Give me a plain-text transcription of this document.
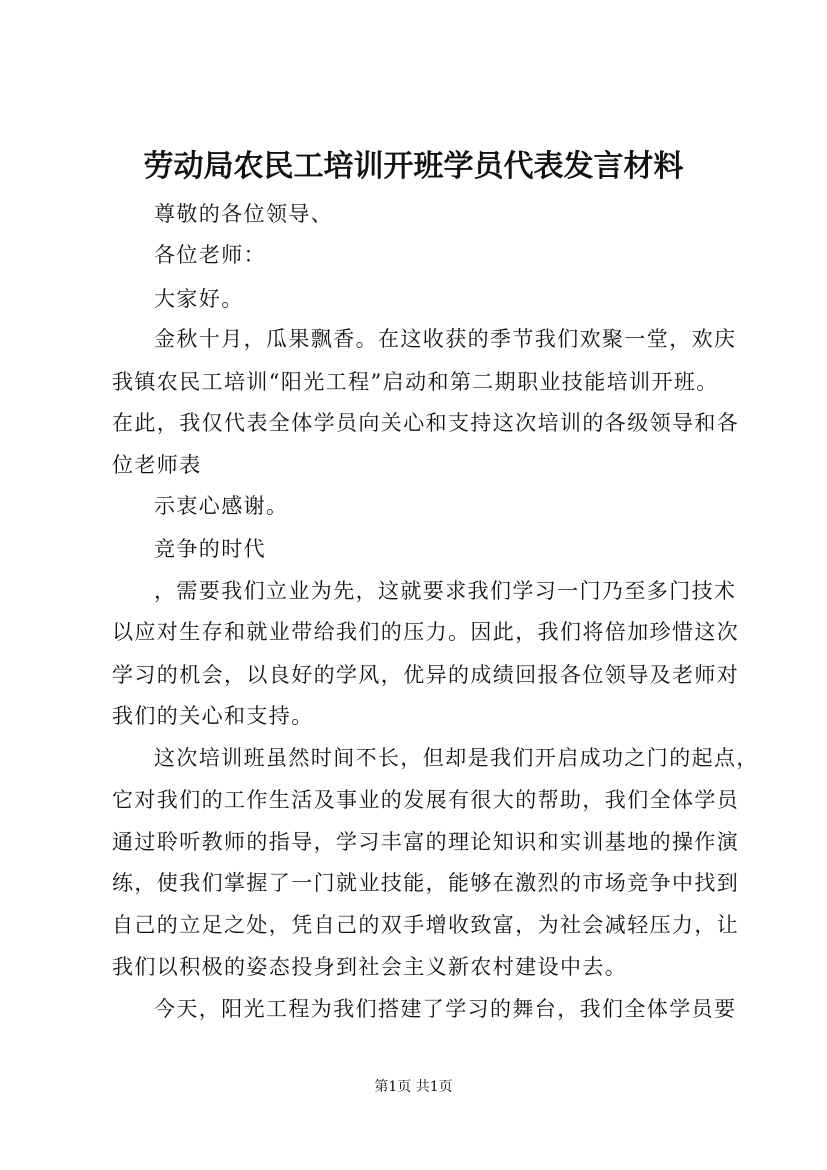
劳动局农民工培训开班学员代表发言材料
尊敬的各位领导、
各位老师：
大家好。
金秋十月，瓜果飘香。在这收获的季节我们欢聚一堂，欢庆
我镇农民工培训“阳光工程”启动和第二期职业技能培训开班。
在此，我仅代表全体学员向关心和支持这次培训的各级领导和各
位老师表
示衷心感谢。
竞争的时代
，需要我们立业为先，这就要求我们学习一门乃至多门技术
以应对生存和就业带给我们的压力。因此，我们将倍加珍惜这次
学习的机会，以良好的学风，优异的成绩回报各位领导及老师对
我们的关心和支持。
这次培训班虽然时间不长，但却是我们开启成功之门的起点，
它对我们的工作生活及事业的发展有很大的帮助，我们全体学员
通过聆听教师的指导，学习丰富的理论知识和实训基地的操作演
练，使我们掌握了一门就业技能，能够在激烈的市场竞争中找到
自己的立足之处，凭自己的双手增收致富，为社会减轻压力，让
我们以积极的姿态投身到社会主义新农村建设中去。
今天，阳光工程为我们搭建了学习的舞台，我们全体学员要
第1页 共1页
